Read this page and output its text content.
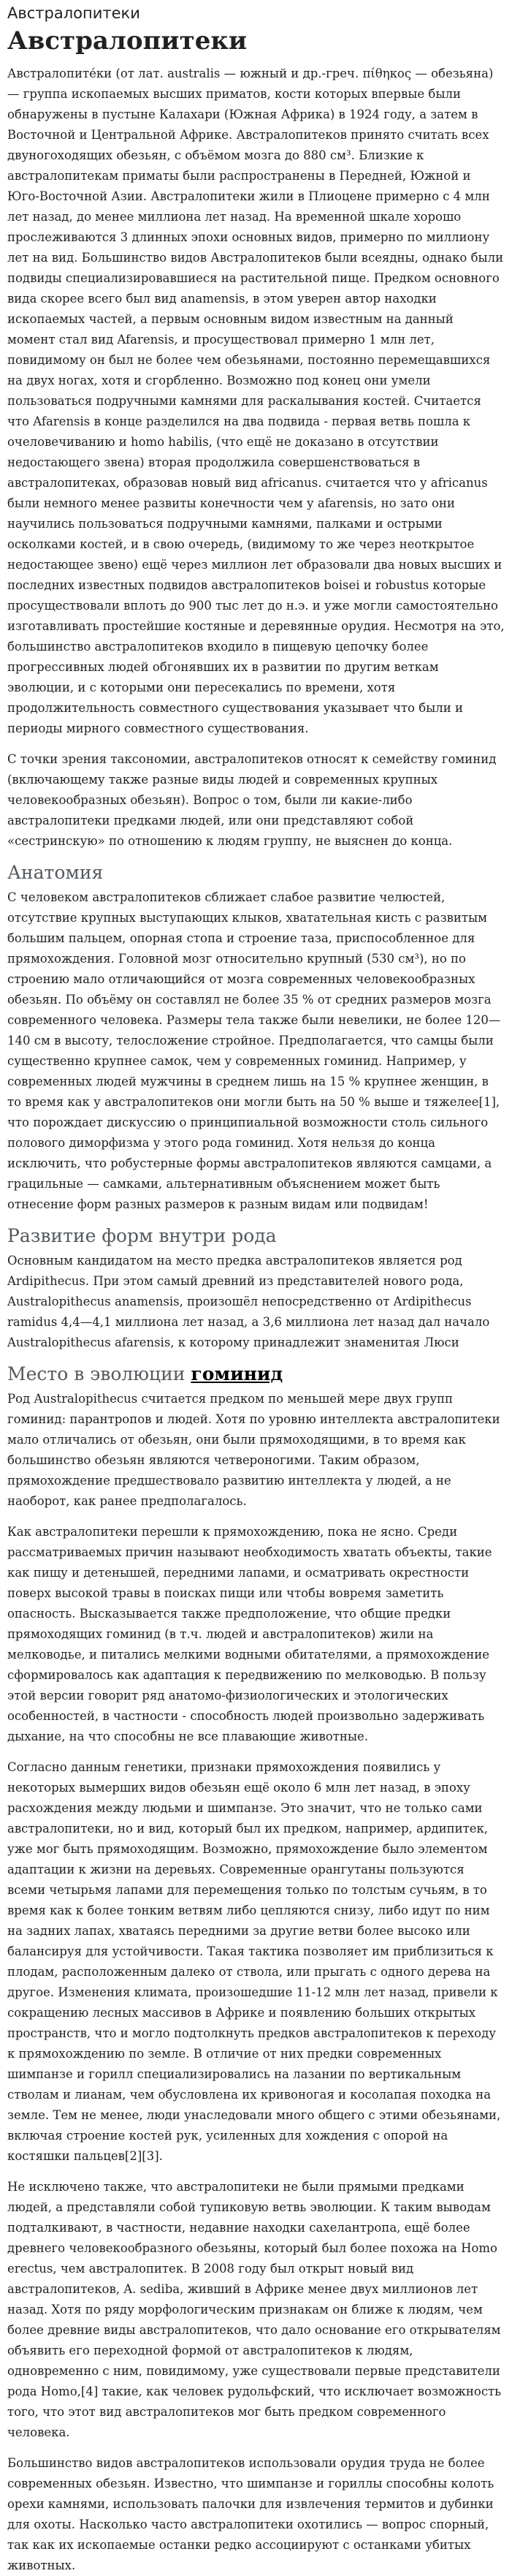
Австралопитеки
Австралопитеки

Австралопите́ки (от лат. australis — южный и др.-греч. πίθηκος — обезьяна) — группа ископаемых высших приматов, кости которых впервые были обнаружены в пустыне Калахари (Южная Африка) в 1924 году, а затем в Восточной и Центральной Африке. Австралопитеков принято считать всех двуногоходящих обезьян, с объёмом мозга до 880 см³. Близкие к австралопитекам приматы были распространены в Передней, Южной и Юго-Восточной Азии. Австралопитеки жили в Плиоцене примерно с 4 млн лет назад, до менее миллиона лет назад. На временной шкале хорошо прослеживаются 3 длинных эпохи основных видов, примерно по миллиону лет на вид. Большинство видов Австралопитеков были всеядны, однако были подвиды специализировавшиеся на растительной пище. Предком основного вида скорее всего был вид anamensis, в этом уверен автор находки ископаемых частей, а первым основным видом известным на данный момент стал вид Afarensis, и просуществовал примерно 1 млн лет, повидимому он был не более чем обезьянами, постоянно перемещавшихся на двух ногах, хотя и сгорбленно. Возможно под конец они умели пользоваться подручными камнями для раскалывания костей. Считается что Afarensis в конце разделился на два подвида - первая ветвь пошла к очеловечиванию и homo habilis, (что ещё не доказано в отсутствии недостающего звена) вторая продолжила совершенствоваться в австралопитеках, образовав новый вид africanus. считается что у africanus были немного менее развиты конечности чем у afarensis, но зато они научились пользоваться подручными камнями, палками и острыми осколками костей, и в свою очередь, (видимому то же через неоткрытое недостающее звено) ещё через миллион лет образовали два новых высших и последних известных подвидов австралопитеков boisei и robustus которые просуществовали вплоть до 900 тыс лет до н.э. и уже могли самостоятельно изготавливать простейшие костяные и деревянные орудия. Несмотря на это, большинство австралопитеков входило в пищевую цепочку более прогрессивных людей обгонявших их в развитии по другим веткам эволюции, и с которыми они пересекались по времени, хотя продолжительность совместного существования указывает что были и периоды мирного совместного существования.

С точки зрения таксономии, австралопитеков относят к семейству гоминид (включающему также разные виды людей и современных крупных человекообразных обезьян). Вопрос о том, были ли какие-либо австралопитеки предками людей, или они представляют собой «сестринскую» по отношению к людям группу, не выяснен до конца.

Анатомия

С человеком австралопитеков сближает слабое развитие челюстей, отсутствие крупных выступающих клыков, хватательная кисть с развитым большим пальцем, опорная стопа и строение таза, приспособленное для прямохождения. Головной мозг относительно крупный (530 см³), но по строению мало отличающийся от мозга современных человекообразных обезьян. По объёму он составлял не более 35 % от средних размеров мозга современного человека. Размеры тела также были невелики, не более 120—140 см в высоту, телосложение стройное. Предполагается, что самцы были существенно крупнее самок, чем у современных гоминид. Например, у современных людей мужчины в среднем лишь на 15 % крупнее женщин, в то время как у австралопитеков они могли быть на 50 % выше и тяжелее[1], что порождает дискуссию о принципиальной возможности столь сильного полового диморфизма у этого рода гоминид. Хотя нельзя до конца исключить, что робустерные формы австралопитеков являются самцами, а грацильные — самками, альтернативным объяснением может быть отнесение форм разных размеров к разным видам или подвидам!

Развитие форм внутри рода

Основным кандидатом на место предка австралопитеков является род Ardipithecus. При этом самый древний из представителей нового рода, Australopithecus anamensis, произошёл непосредственно от Ardipithecus ramidus 4,4—4,1 миллиона лет назад, а 3,6 миллиона лет назад дал начало Australopithecus afarensis, к которому принадлежит знаменитая Люси

Место в эволюции гоминид

Род Australopithecus считается предком по меньшей мере двух групп гоминид: парантропов и людей. Хотя по уровню интеллекта австралопитеки мало отличались от обезьян, они были прямоходящими, в то время как большинство обезьян являются четвероногими. Таким образом, прямохождение предшествовало развитию интеллекта у людей, а не наоборот, как ранее предполагалось.

Как австралопитеки перешли к прямохождению, пока не ясно. Среди рассматриваемых причин называют необходимость хватать объекты, такие как пищу и детенышей, передними лапами, и осматривать окрестности поверх высокой травы в поисках пищи или чтобы вовремя заметить опасность. Высказывается также предположение, что общие предки прямоходящих гоминид (в т.ч. людей и австралопитеков) жили на мелководье, и питались мелкими водными обитателями, а прямохождение сформировалось как адаптация к передвижению по мелководью. В пользу этой версии говорит ряд анатомо-физиологических и этологических особенностей, в частности - способность людей произвольно задерживать дыхание, на что способны не все плавающие животные.

Согласно данным генетики, признаки прямохождения появились у некоторых вымерших видов обезьян ещё около 6 млн лет назад, в эпоху расхождения между людьми и шимпанзе. Это значит, что не только сами австралопитеки, но и вид, который был их предком, например, ардипитек, уже мог быть прямоходящим. Возможно, прямохождение было элементом адаптации к жизни на деревьях. Современные орангутаны пользуются всеми четырьмя лапами для перемещения только по толстым сучьям, в то время как к более тонким ветвям либо цепляются снизу, либо идут по ним на задних лапах, хватаясь передними за другие ветви более высоко или балансируя для устойчивости. Такая тактика позволяет им приблизиться к плодам, расположенным далеко от ствола, или прыгать с одного дерева на другое. Изменения климата, произошедшие 11-12 млн лет назад, привели к сокращению лесных массивов в Африке и появлению больших открытых пространств, что и могло подтолкнуть предков австралопитеков к переходу к прямохождению по земле. В отличие от них предки современных шимпанзе и горилл специализировались на лазании по вертикальным стволам и лианам, чем обусловлена их кривоногая и косолапая походка на земле. Тем не менее, люди унаследовали много общего с этими обезьянами, включая строение костей рук, усиленных для хождения с опорой на костяшки пальцев[2][3].

Не исключено также, что австралопитеки не были прямыми предками людей, а представляли собой тупиковую ветвь эволюции. К таким выводам подталкивают, в частности, недавние находки сахелантропа, ещё более древнего человекообразного обезьяны, который был более похожа на Homo erectus, чем австралопитек. В 2008 году был открыт новый вид австралопитеков, A. sediba, живший в Африке менее двух миллионов лет назад. Хотя по ряду морфологическим признакам он ближе к людям, чем более древние виды австралопитеков, что дало основание его открывателям объявить его переходной формой от австралопитеков к людям, одновременно с ним, повидимому, уже существовали первые представители рода Homo,[4] такие, как человек рудольфский, что исключает возможность того, что этот вид австралопитеков мог быть предком современного человека.

Большинство видов австралопитеков использовали орудия труда не более современных обезьян. Известно, что шимпанзе и гориллы способны колоть орехи камнями, использовать палочки для извлечения термитов и дубинки для охоты. Насколько часто австралопитеки охотились — вопрос спорный, так как их ископаемые останки редко ассоциируют с останками убитых животных.
